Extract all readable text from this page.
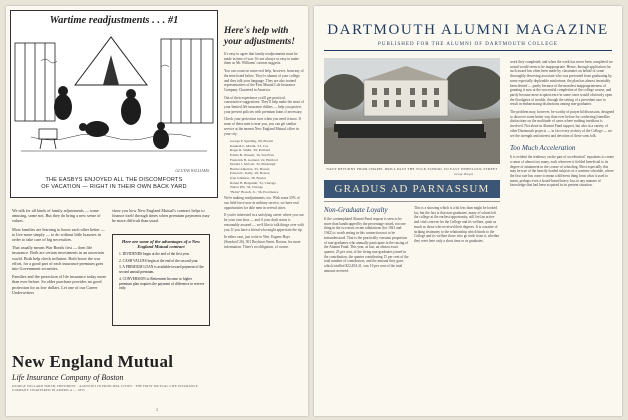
Wartime readjustments . . . #1
GLUYAS WILLIAMS
THE EASBYS ENJOYED ALL THE DISCOMFORTS
OF VACATION — RIGHT IN THEIR OWN BACK YARD
Here's help with your adjustments!

It's easy to agree that family readjustments must be made in time of war. It's not always so easy to make them as Mr. Williams' cartoon suggests.

You can count on some real help, however, from any of the men listed below. They're alumni of your college and they talk your language. They are also trained representatives of the First Mutual Life Insurance Company Chartered in America.

Out of their experience you'll get practical, constructive suggestions. They'll help make the most of your limited life insurance dollars — help you protect your present policies with premium loans if necessary.

Check your protection now when you need it most. If none of these men is near you, you can get similar service at the nearest New England Mutual office in your city.

George P. Spalding, '09, Boston
Kenneth L. Martin, '23, Cos.
Roger R. Smith, '28, Portland
Edwin B. Wessell, '16, San Fran.
Frederick B. Garland, '22, Hartford
Donald J. McCall, '22, Pittsburgh
Harriet Atherton, '25, Boston
Edward L. Kelly, '26, Boston
Ivan Johnston, '28, Boston
Robert B. Benjamin, '32, Chicago
Walter Pitt, '34, Chicago
"Brick" Branch, Jr., '36, Providence

We're making readjustments, too. With some 25% of our field force now in military service, we have real opportunities for able men in several cities.

If you're interested in a satisfying career where you can be your own boss — and if your draft status is reasonably assured — we'd like to talk things over with you. If you have a friend who might appreciate the tip.

In either case, just write to Wm. Eugene Hays (Stanford '26), 501 Boylston Street, Boston, for more information. There's no obligation, of course.

We talk for all kinds of family adjustments — some amusing, some not. But they do bring a new sense of values.

Most families are learning to know each other better — to live more simply — to do without little luxuries in order to take care of big necessities.

That usually means War Bonds first — then life insurance. Both are certain investments in an uncertain world. Both help check inflation. Both boost the war effort, for a good part of each insurance premium goes into Government securities.

Families and the protection of life insurance today more than ever before. So older purchase provides no good protection for as low dollars. Let one of our Career Underwriters

show you how New England Mutual's contract helps to finance itself through times when premium payments may be more difficult than usual.

Here are some of the advantages of a New England Mutual contract
1. DIVIDENDS begin at the end of the first year.
2. CASH VALUES begin at the end of the second year.
3. A PREMIUM LOAN is available toward payment of the second annual premium.
4. CONVERSION to Retirement Income or higher premium plan requires the payment of difference in reserve only.
New England Mutual
Life Insurance Company of Boston
GEORGE WILLARD SMITH, PRESIDENT · AGENCIES IN PRINCIPAL CITIES · THE FIRST MUTUAL LIFE INSURANCE COMPANY CHARTERED IN AMERICA — 1835
2
DARTMOUTH ALUMNI MAGAZINE
PUBLISHED FOR THE ALUMNI OF DARTMOUTH COLLEGE
NAVY RETURNS FROM CHAPEL DRILL PAST THE TUCK SCHOOL TO EAST WHEELOCK STREET
George Morgan
GRADUS AD PARNASSUM
Non-Graduate Loyalty

If the contemplated Alumni Fund request is seen to be more than handicapped by the percentage raised, not one thing in the two most recent tabulations (for 1941 and 1942) is worth noting in this connection not to be misunderstood. That is the practically constant proportion of non-graduates who annually participate in the raising of the Alumni Fund. This year, as last, an almost exact quarter, 25 per cent, of the living non-graduates joined in the contribution, the quarter contributing 15 per cent of the total number of contributors, and the amount they gave, which totalled $22,494.41, was 10 per cent of the total amount received.

This is a showing which is a bit less than might be looked for, but the fact is that non-graduates, many of whom left the college at the earliest opportunity, still feel an active and vital concern for the College and its welfare, quite as much as those who received their degrees. It is a matter of striking testimony to the relationship which binds to the College and its welfare those who go forth from it, whether they were here only a short time or as graduates.

work they completed, and when the work has never been completed we sound would seem to be inappropriate. Hence, through application for such award has often been made by classmates on behalf of some thoroughly deserving associate who was prevented from graduating by some especially deplorable misfortune, the plan has almost invariably been denied — partly because of the manifest inappropriateness of granting it now at the successful completion of the college course, and partly because mere acquiescence in some cases would obviously open the floodgates of trouble, through the setting of a precedent sure to result in embarrassing distinctions among non-graduates.

The problem may, however, be worthy of prayerful discussion, designed to discover some better way than ever before for conferring friendlier distinctions on the multitude of cases where nothing invidious is involved. Not alone in Alumni Fund support, but also in a variety of other Dartmouth projects — in fact every activity of the College — we see the strength and interest and devotion of these sons folk.

Too Much Acceleration

It is evident the tendency on the part of acceleration" equations to create a sense of almost too many, each wherever it fielded beneficial to its degree of attainment in the course of schooling. Most especially this may be true of the heavily loaded subjects of a wartime schedule, where the first rate has come to mean a different thing from what it used to mean, perhaps even a broad-based heavy loss in any manner of knowledge that had been acquired in its present situation.
